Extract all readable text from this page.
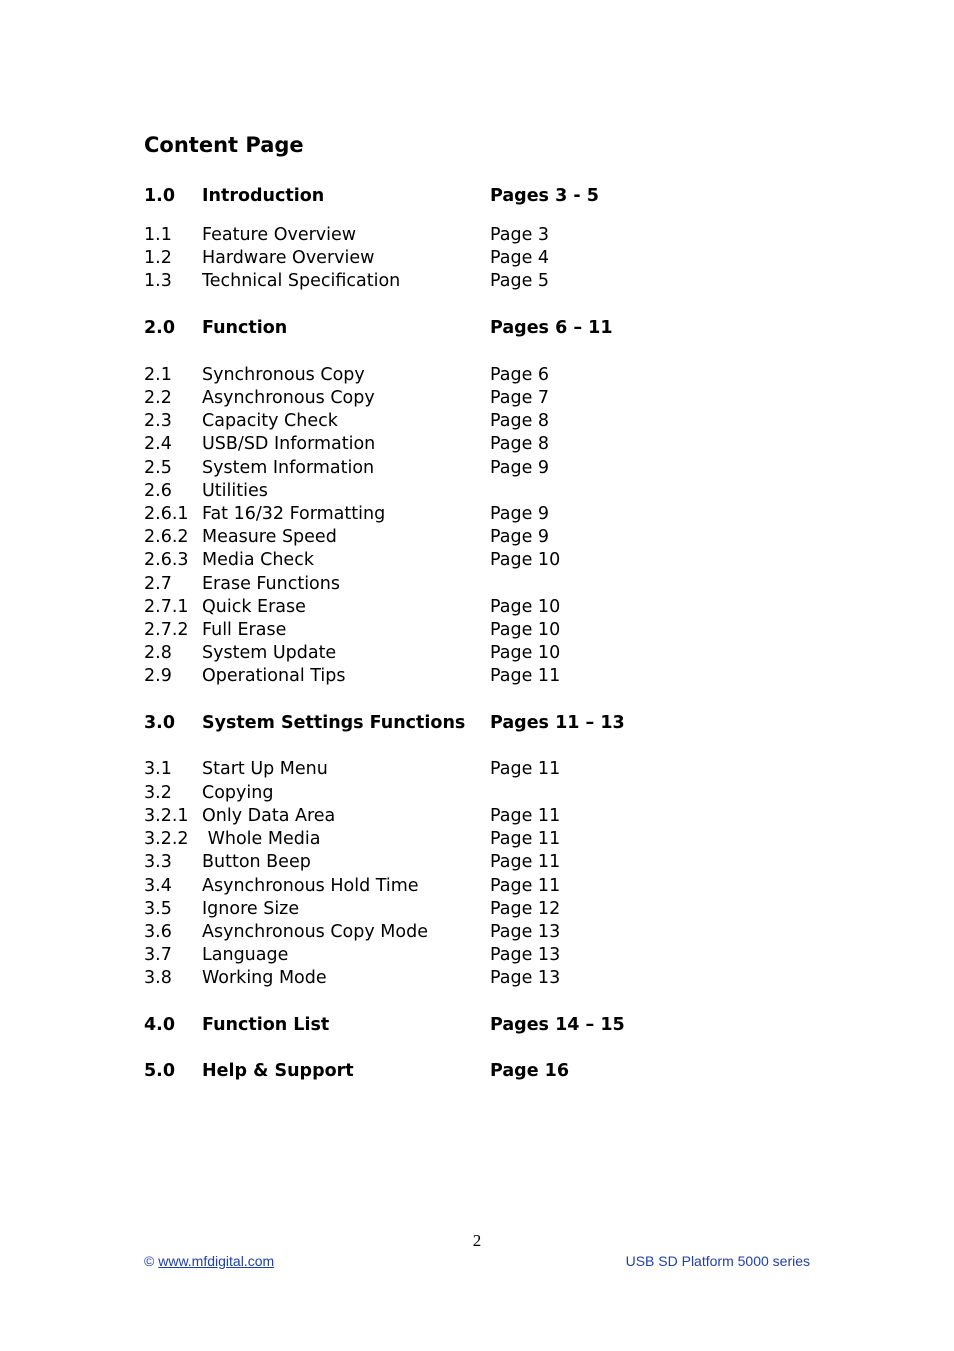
Content Page
1.0 Introduction	Pages 3 - 5
1.1 Feature Overview	Page 3
1.2 Hardware Overview	Page 4
1.3 Technical Specification	Page 5
2.0 Function	Pages 6 – 11
2.1 Synchronous Copy	Page 6
2.2 Asynchronous Copy	Page 7
2.3 Capacity Check	Page 8
2.4 USB/SD Information	Page 8
2.5 System Information	Page 9
2.6 Utilities
2.6.1 Fat 16/32 Formatting	Page 9
2.6.2 Measure Speed	Page 9
2.6.3 Media Check	Page 10
2.7 Erase Functions
2.7.1 Quick Erase	Page 10
2.7.2 Full Erase	Page 10
2.8 System Update	Page 10
2.9 Operational Tips	Page 11
3.0 System Settings Functions Pages 11 – 13
3.1 Start Up Menu	Page 11
3.2 Copying
3.2.1 Only Data Area	Page 11
3.2.2 Whole Media	Page 11
3.3 Button Beep	Page 11
3.4 Asynchronous Hold Time	Page 11
3.5 Ignore Size	Page 12
3.6 Asynchronous Copy Mode	Page 13
3.7 Language	Page 13
3.8 Working Mode	Page 13
4.0 Function List	Pages 14 – 15
5.0 Help & Support	Page 16
2
© www.mfdigital.com	USB SD Platform 5000 series
